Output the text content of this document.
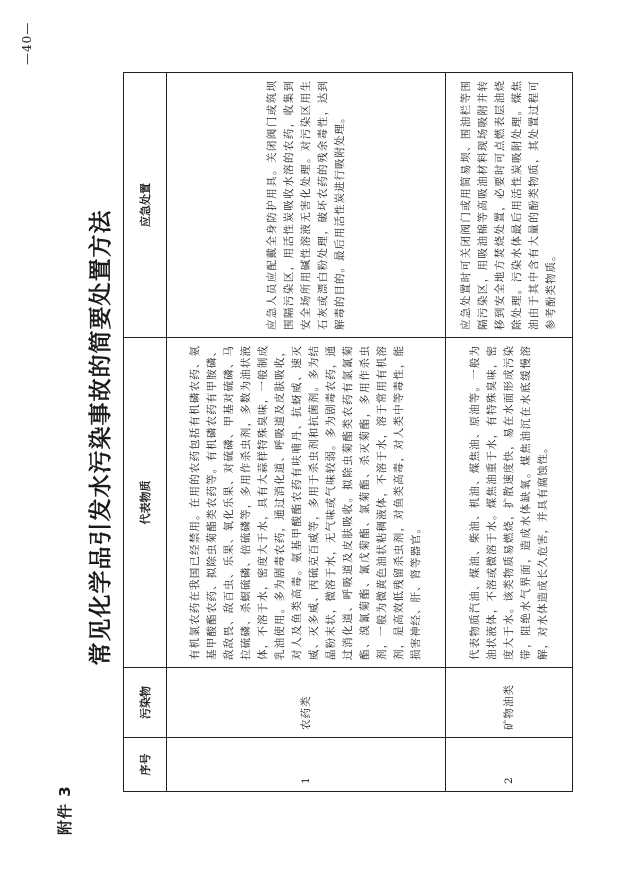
附件 3
常见化学品引发水污染事故的简要处置方法
序号	污染物	代表物质	应急处置
1	农药类	有机氯农药在我国已经禁用。在用的农药包括有机磷农药、氨基甲酸酯农药、拟除虫菊酯类农药等。有机磷农药有甲胺磷、敌敌畏、敌百虫、乐果、氧化乐果、对硫磷、甲基对硫磷、马拉硫磷、杀螟硫磷、倍硫磷等，多用作杀虫剂，多数为油状液体，不溶于水，密度大于水，具有大蒜样特殊臭味，一般制成乳油使用。多为剧毒农药，通过消化道、呼吸道及皮肤吸收，对人及鱼类高毒。氨基甲酸酯农药有呋喃丹、抗蚜威、速灭威、灭多威、丙硫克百威等，多用于杀虫剂和抗菌剂。多为结晶粉末状，微溶于水，无气味或气味较弱。多为剧毒农药，通过消化道、呼吸道及皮肤吸收。拟除虫菊酯类农药有氯氰菊酯、溴氰菊酯、氰戊菊酯、氯菊酯、杀灭菊酯，多用作杀虫剂，一般为微黄色油状粘稠液体，不溶于水，溶于常用有机溶剂，是高效低残留杀虫剂，对鱼类高毒，对人类中等毒性，能损害神经、肝、肾等器官。	应急人员应配戴全身防护用具。关闭阀门或筑坝围隔污染区，用活性炭吸收水溶的农药，收集到安全场所用碱性溶液无害化处理。对污染区用生石灰或漂白粉处理，破坏农药的残余毒性，达到解毒的目的。最后用活性炭进行吸附处理。
2	矿物油类	代表物质汽油、煤油、柴油、机油、煤焦油、原油等。一般为油状液体，不溶或微溶于水。煤焦油重于水，有特殊臭味，密度大于水。该类物质易燃烧，扩散速度快，易在水面形成污染带，阻绝水气界面，造成水体缺氧。煤焦油沉在水底缓慢溶解，对水体造成长久危害，并具有腐蚀性。	应急处置时可关闭阀门或用简易坝、围油栏等围隔污染区，用吸油棉等高吸油材料现场吸附并转移到安全地方焚烧处置，必要时可点燃表层油烧除处理。污染水体最后用活性炭吸附处理。煤焦油由于其中含有大量的酚类物质，其处置过程可参考酚类物质。
—40—
